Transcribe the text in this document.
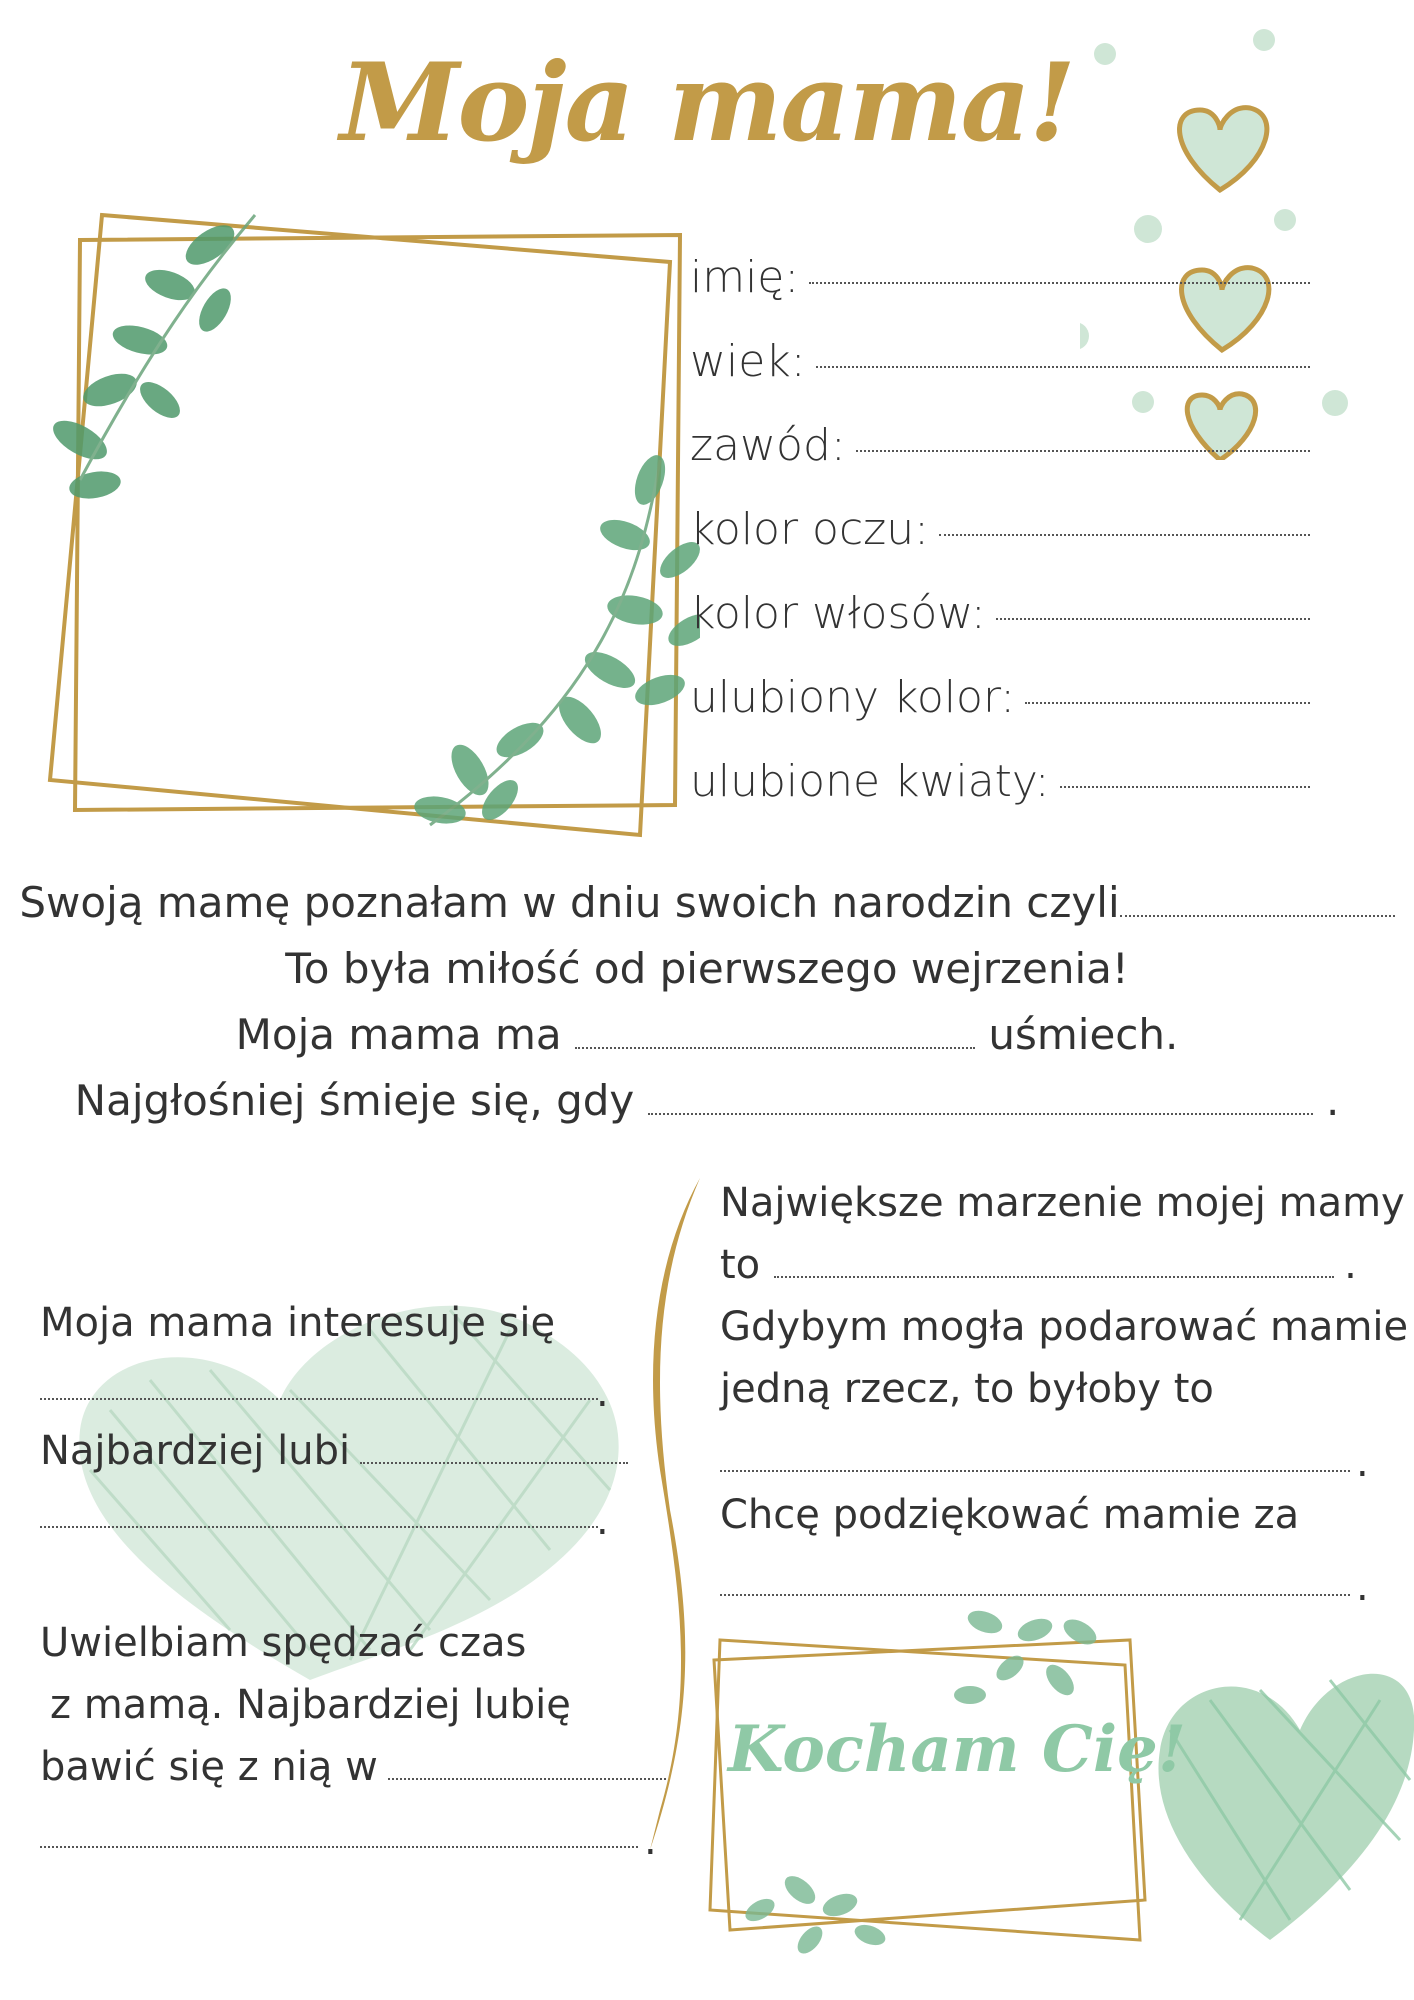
Moja mama!
imię:
wiek:
zawód:
kolor oczu:
kolor włosów:
ulubiony kolor:
ulubione kwiaty:
Swoją mamę poznałam w dniu swoich narodzin czyli
To była miłość od pierwszego wejrzenia!
Moja mama ma	uśmiech.
Najgłośniej śmieje się, gdy	.
Moja mama interesuje się
.
Najbardziej lubi
.
Uwielbiam spędzać czas
z mamą. Najbardziej lubię
bawić się z nią w
.
Największe marzenie mojej mamy
to	.
Gdybym mogła podarować mamie
jedną rzecz, to byłoby to
.
Chcę podziękować mamie za
.
Kocham Cię!
